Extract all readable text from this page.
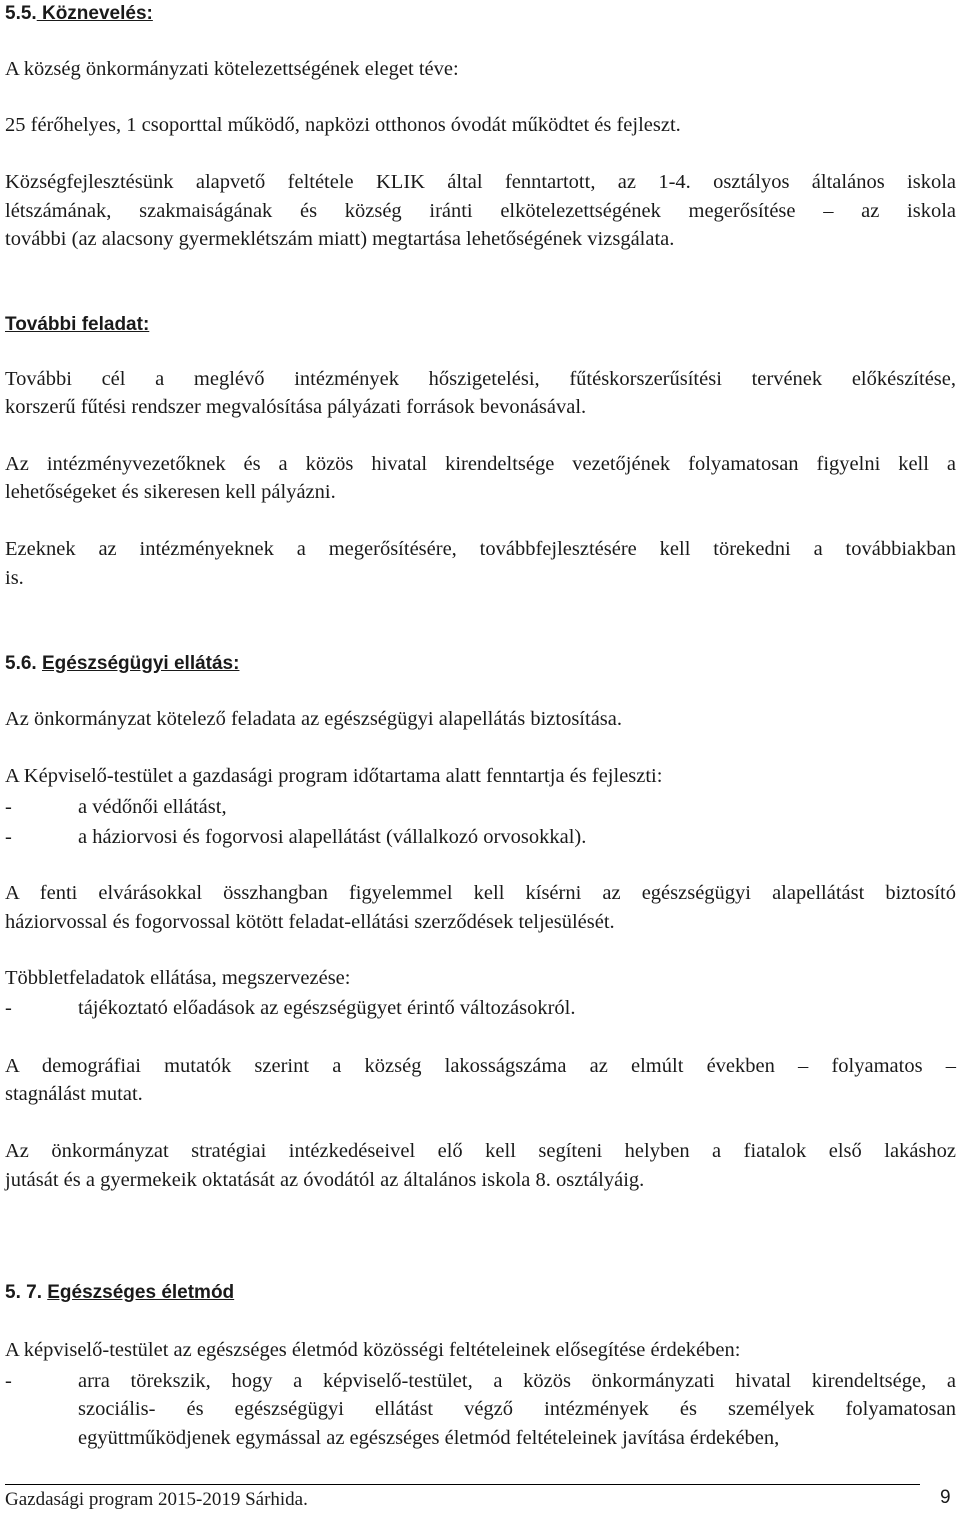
5.5. Köznevelés:
A község önkormányzati kötelezettségének eleget téve:
25 férőhelyes, 1 csoporttal működő, napközi otthonos óvodát működtet és fejleszt.
Községfejlesztésünk alapvető feltétele KLIK által fenntartott, az 1-4. osztályos általános iskola
létszámának, szakmaiságának és község iránti elkötelezettségének megerősítése – az iskola
további (az alacsony gyermeklétszám miatt) megtartása lehetőségének vizsgálata.
További feladat:
További cél a meglévő intézmények hőszigetelési, fűtéskorszerűsítési tervének előkészítése,
korszerű fűtési rendszer megvalósítása pályázati források bevonásával.
Az intézményvezetőknek és a közös hivatal kirendeltsége vezetőjének folyamatosan figyelni kell a
lehetőségeket és sikeresen kell pályázni.
Ezeknek az intézményeknek a megerősítésére, továbbfejlesztésére kell törekedni a továbbiakban
is.
5.6. Egészségügyi ellátás:
Az önkormányzat kötelező feladata az egészségügyi alapellátás biztosítása.
A Képviselő-testület a gazdasági program időtartama alatt fenntartja és fejleszti:
-	a védőnői ellátást,
-	a háziorvosi és fogorvosi alapellátást (vállalkozó orvosokkal).
A fenti elvárásokkal összhangban figyelemmel kell kísérni az egészségügyi alapellátást biztosító
háziorvossal és fogorvossal kötött feladat-ellátási szerződések teljesülését.
Többletfeladatok ellátása, megszervezése:
-	tájékoztató előadások az egészségügyet érintő változásokról.
A demográfiai mutatók szerint a község lakosságszáma az elmúlt években – folyamatos –
stagnálást mutat.
Az önkormányzat stratégiai intézkedéseivel elő kell segíteni helyben a fiatalok első lakáshoz
jutását és a gyermekeik oktatását az óvodától az általános iskola 8. osztályáig.
5. 7. Egészséges életmód
A képviselő-testület az egészséges életmód közösségi feltételeinek elősegítése érdekében:
-	arra törekszik, hogy a képviselő-testület, a közös önkormányzati hivatal kirendeltsége, a
szociális- és egészségügyi ellátást végző intézmények és személyek folyamatosan
együttműködjenek egymással az egészséges életmód feltételeinek javítása érdekében,
Gazdasági program 2015-2019 Sárhida.	9
